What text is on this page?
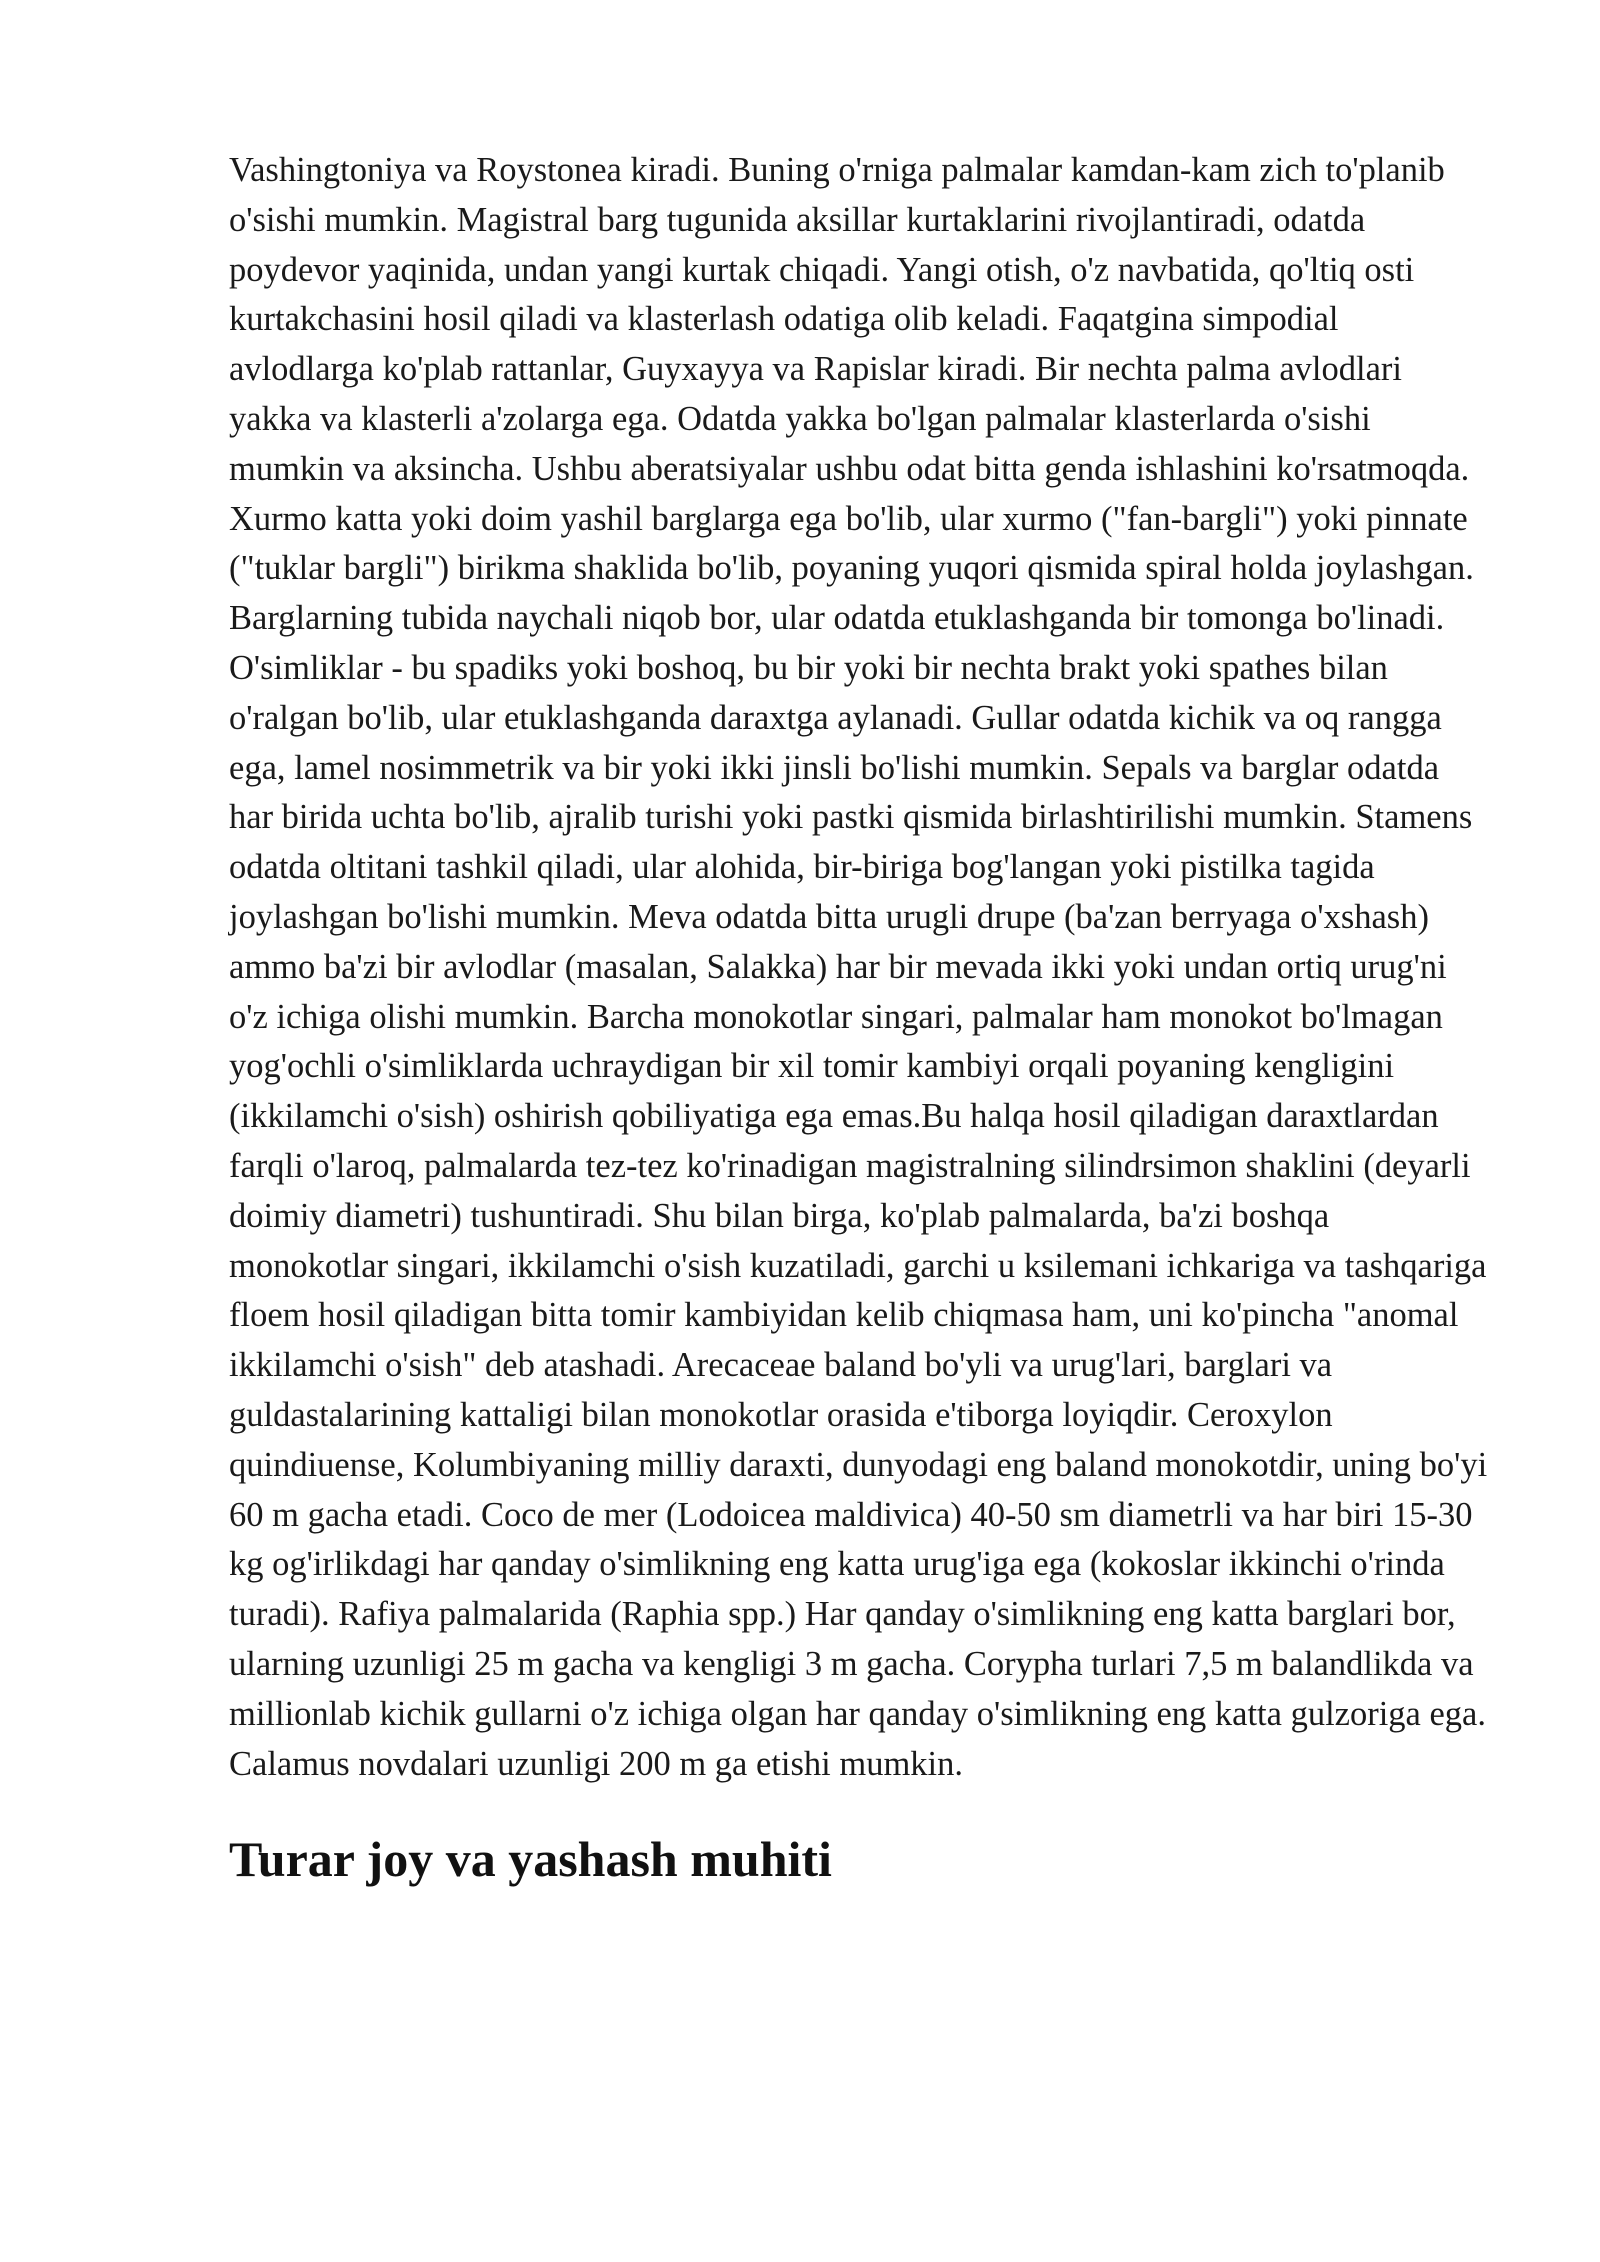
Vashingtoniya va Roystonea kiradi. Buning o'rniga palmalar kamdan-kam zich to'planib o'sishi mumkin. Magistral barg tugunida aksillar kurtaklarini rivojlantiradi, odatda poydevor yaqinida, undan yangi kurtak chiqadi. Yangi otish, o'z navbatida, qo'ltiq osti kurtakchasini hosil qiladi va klasterlash odatiga olib keladi. Faqatgina simpodial avlodlarga ko'plab rattanlar, Guyxayya va Rapislar kiradi. Bir nechta palma avlodlari yakka va klasterli a'zolarga ega. Odatda yakka bo'lgan palmalar klasterlarda o'sishi mumkin va aksincha. Ushbu aberatsiyalar ushbu odat bitta genda ishlashini ko'rsatmoqda. Xurmo katta yoki doim yashil barglarga ega bo'lib, ular xurmo ("fan-bargli") yoki pinnate ("tuklar bargli") birikma shaklida bo'lib, poyaning yuqori qismida spiral holda joylashgan. Barglarning tubida naychali niqob bor, ular odatda etuklashganda bir tomonga bo'linadi. O'simliklar - bu spadiks yoki boshoq, bu bir yoki bir nechta brakt yoki spathes bilan o'ralgan bo'lib, ular etuklashganda daraxtga aylanadi. Gullar odatda kichik va oq rangga ega, lamel nosimmetrik va bir yoki ikki jinsli bo'lishi mumkin. Sepals va barglar odatda har birida uchta bo'lib, ajralib turishi yoki pastki qismida birlashtirilishi mumkin. Stamens odatda oltitani tashkil qiladi, ular alohida, bir-biriga bog'langan yoki pistilka tagida joylashgan bo'lishi mumkin. Meva odatda bitta urugli drupe (ba'zan berryaga o'xshash) ammo ba'zi bir avlodlar (masalan, Salakka) har bir mevada ikki yoki undan ortiq urug'ni o'z ichiga olishi mumkin. Barcha monokotlar singari, palmalar ham monokot bo'lmagan yog'ochli o'simliklarda uchraydigan bir xil tomir kambiyi orqali poyaning kengligini (ikkilamchi o'sish) oshirish qobiliyatiga ega emas.Bu halqa hosil qiladigan daraxtlardan farqli o'laroq, palmalarda tez-tez ko'rinadigan magistralning silindrsimon shaklini (deyarli doimiy diametri) tushuntiradi. Shu bilan birga, ko'plab palmalarda, ba'zi boshqa monokotlar singari, ikkilamchi o'sish kuzatiladi, garchi u ksilemani ichkariga va tashqariga floem hosil qiladigan bitta tomir kambiyidan kelib chiqmasa ham, uni ko'pincha "anomal ikkilamchi o'sish" deb atashadi. Arecaceae baland bo'yli va urug'lari, barglari va guldastalarining kattaligi bilan monokotlar orasida e'tiborga loyiqdir. Ceroxylon quindiuense, Kolumbiyaning milliy daraxti, dunyodagi eng baland monokotdir, uning bo'yi 60 m gacha etadi. Coco de mer (Lodoicea maldivica) 40-50 sm diametrli va har biri 15-30 kg og'irlikdagi har qanday o'simlikning eng katta urug'iga ega (kokoslar ikkinchi o'rinda turadi). Rafiya palmalarida (Raphia spp.) Har qanday o'simlikning eng katta barglari bor, ularning uzunligi 25 m gacha va kengligi 3 m gacha. Corypha turlari 7,5 m balandlikda va millionlab kichik gullarni o'z ichiga olgan har qanday o'simlikning eng katta gulzoriga ega. Calamus novdalari uzunligi 200 m ga etishi mumkin.

Turar joy va yashash muhiti
